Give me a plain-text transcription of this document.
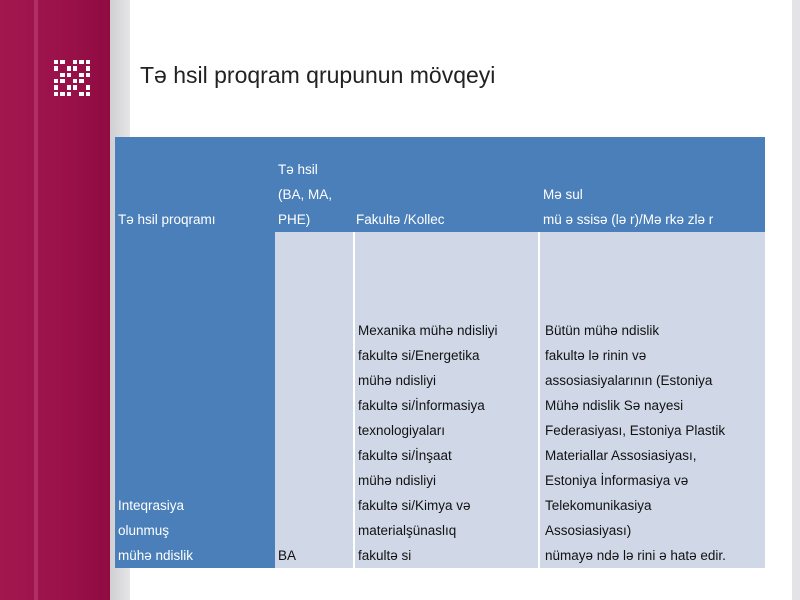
Tə hsil proqram qrupunun mövqeyi
Tə hsil proqramı
Tə hsil
(BA, MA,
PHE)	Fakultə /Kollec
Mə sul
mü ə ssisə (lə r)/Mə rkə zlə r
Inteqrasiya
olunmuş
mühə ndislik	BA
Mexanika mühə ndisliyi
fakultə si/Energetika
mühə ndisliyi
fakultə si/İnformasiya
texnologiyaları
fakultə si/İnşaat
mühə ndisliyi
fakultə si/Kimya və
materialşünaslıq
fakultə si
Bütün mühə ndislik
fakultə lə rinin və
assosiasiyalarının (Estoniya
Mühə ndislik Sə nayesi
Federasiyası, Estoniya Plastik
Materiallar Assosiasiyası,
Estoniya İnformasiya və
Telekomunikasiya
Assosiasiyası)
nümayə ndə lə rini ə hatə edir.
